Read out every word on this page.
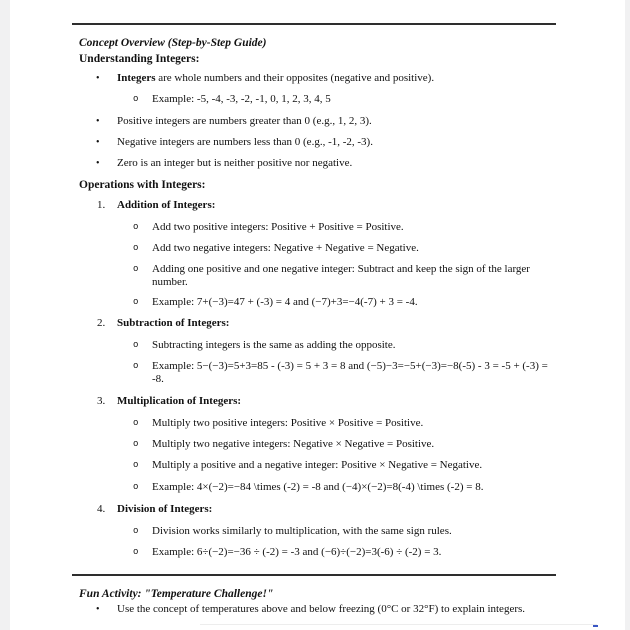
Concept Overview (Step-by-Step Guide)
Understanding Integers:
•	Integers are whole numbers and their opposites (negative and positive).
o	Example: -5, -4, -3, -2, -1, 0, 1, 2, 3, 4, 5
•	Positive integers are numbers greater than 0 (e.g., 1, 2, 3).
•	Negative integers are numbers less than 0 (e.g., -1, -2, -3).
•	Zero is an integer but is neither positive nor negative.
Operations with Integers:
1.	Addition of Integers:
o	Add two positive integers: Positive + Positive = Positive.
o	Add two negative integers: Negative + Negative = Negative.
o	Adding one positive and one negative integer: Subtract and keep the sign of the larger
number.
o	Example: 7+(−3)=47 + (-3) = 4 and (−7)+3=−4(-7) + 3 = -4.
2.	Subtraction of Integers:
o	Subtracting integers is the same as adding the opposite.
o	Example: 5−(−3)=5+3=85 - (-3) = 5 + 3 = 8 and (−5)−3=−5+(−3)=−8(-5) - 3 = -5 + (-3) =
-8.
3.	Multiplication of Integers:
o	Multiply two positive integers: Positive × Positive = Positive.
o	Multiply two negative integers: Negative × Negative = Positive.
o	Multiply a positive and a negative integer: Positive × Negative = Negative.
o	Example: 4×(−2)=−84 \times (-2) = -8 and (−4)×(−2)=8(-4) \times (-2) = 8.
4.	Division of Integers:
o	Division works similarly to multiplication, with the same sign rules.
o	Example: 6÷(−2)=−36 ÷ (-2) = -3 and (−6)÷(−2)=3(-6) ÷ (-2) = 3.
Fun Activity: "Temperature Challenge!"
•	Use the concept of temperatures above and below freezing (0°C or 32°F) to explain integers.
